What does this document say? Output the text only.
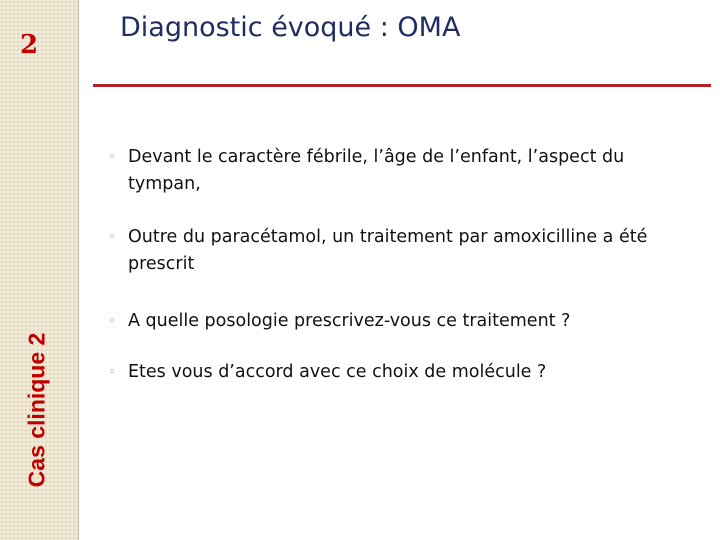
2
Cas clinique 2
Diagnostic évoqué : OMA
◦ Devant le caractère fébrile, l’âge de l’enfant, l’aspect du tympan,
◦ Outre du paracétamol, un traitement par amoxicilline a été prescrit
◦ A quelle posologie prescrivez-vous ce traitement ?
◦ Etes vous d’accord avec ce choix de molécule ?
